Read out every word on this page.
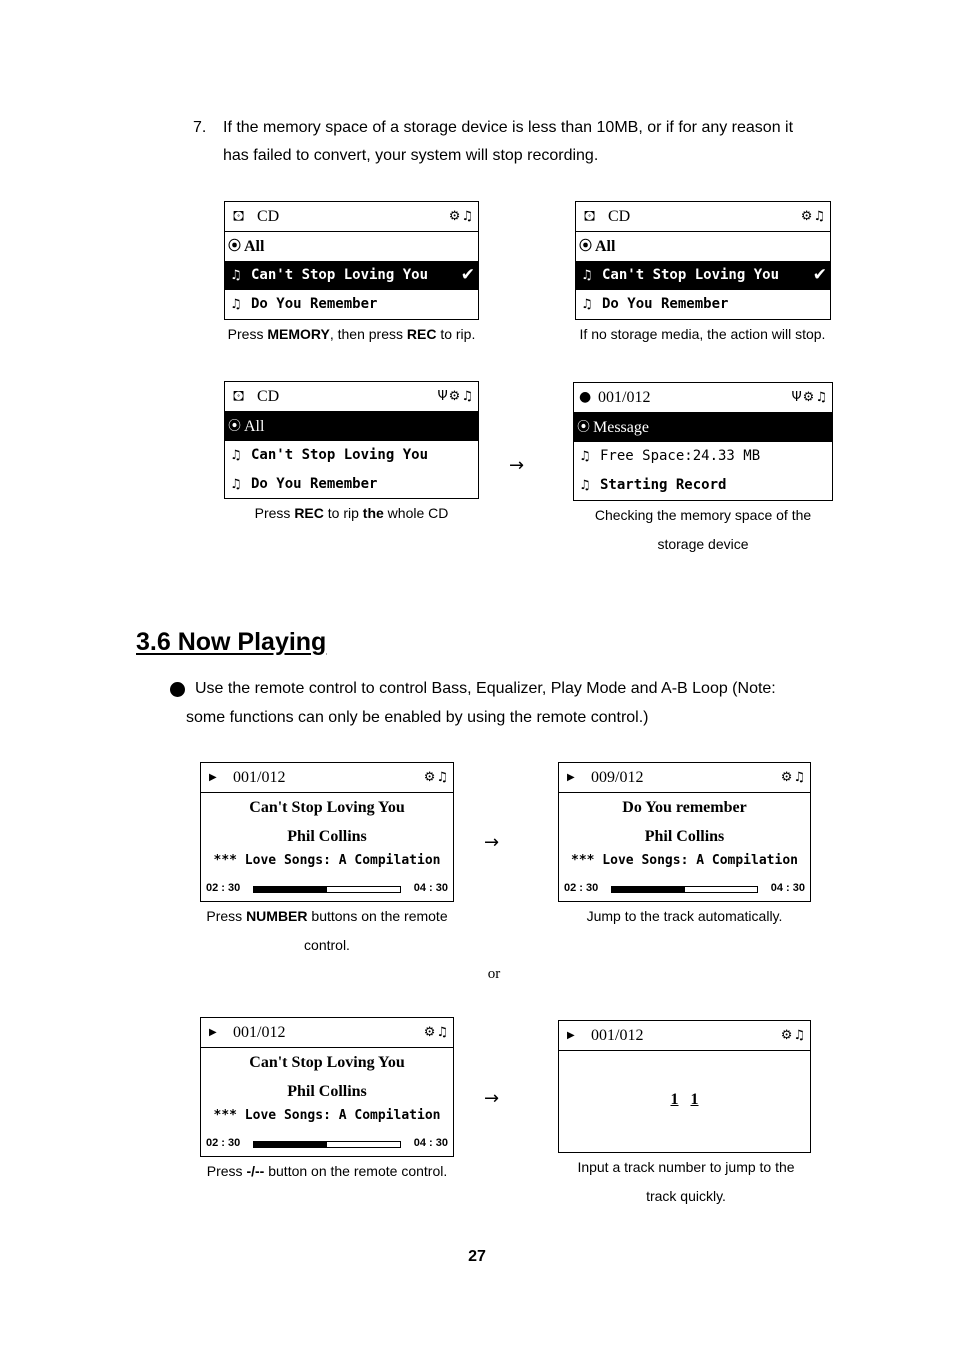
7. If the memory space of a storage device is less than 10MB, or if for any reason it
has failed to convert, your system will stop recording.
🖸 CD	⚙♫
⦿ All
♫ Can't Stop Loving You ✔
♫ Do You Remember
Press MEMORY, then press REC to rip.
🖸 CD	⚙♫
⦿ All
♫ Can't Stop Loving You ✔
♫ Do You Remember
If no storage media, the action will stop.
🖸 CD	Ψ⚙♫
⦿ All
♫ Can't Stop Loving You
♫ Do You Remember
Press REC to rip the whole CD
→
● 001/012	Ψ⚙♫
⦿ Message
♫ Free Space:24.33 MB
♫ Starting Record
Checking the memory space of the
storage device
3.6 Now Playing
Use the remote control to control Bass, Equalizer, Play Mode and A-B Loop (Note:
some functions can only be enabled by using the remote control.)
▶ 001/012	⚙♫
Can't Stop Loving You
Phil Collins
*** Love Songs: A Compilation
02 : 30	04 : 30
Press NUMBER buttons on the remote
control.
→
▶ 009/012	⚙♫
Do You remember
Phil Collins
*** Love Songs: A Compilation
02 : 30	04 : 30
Jump to the track automatically.
or
▶ 001/012	⚙♫
Can't Stop Loving You
Phil Collins
*** Love Songs: A Compilation
02 : 30	04 : 30
Press -/-- button on the remote control.
→
▶ 001/012	⚙♫
1 1
Input a track number to jump to the
track quickly.
27
